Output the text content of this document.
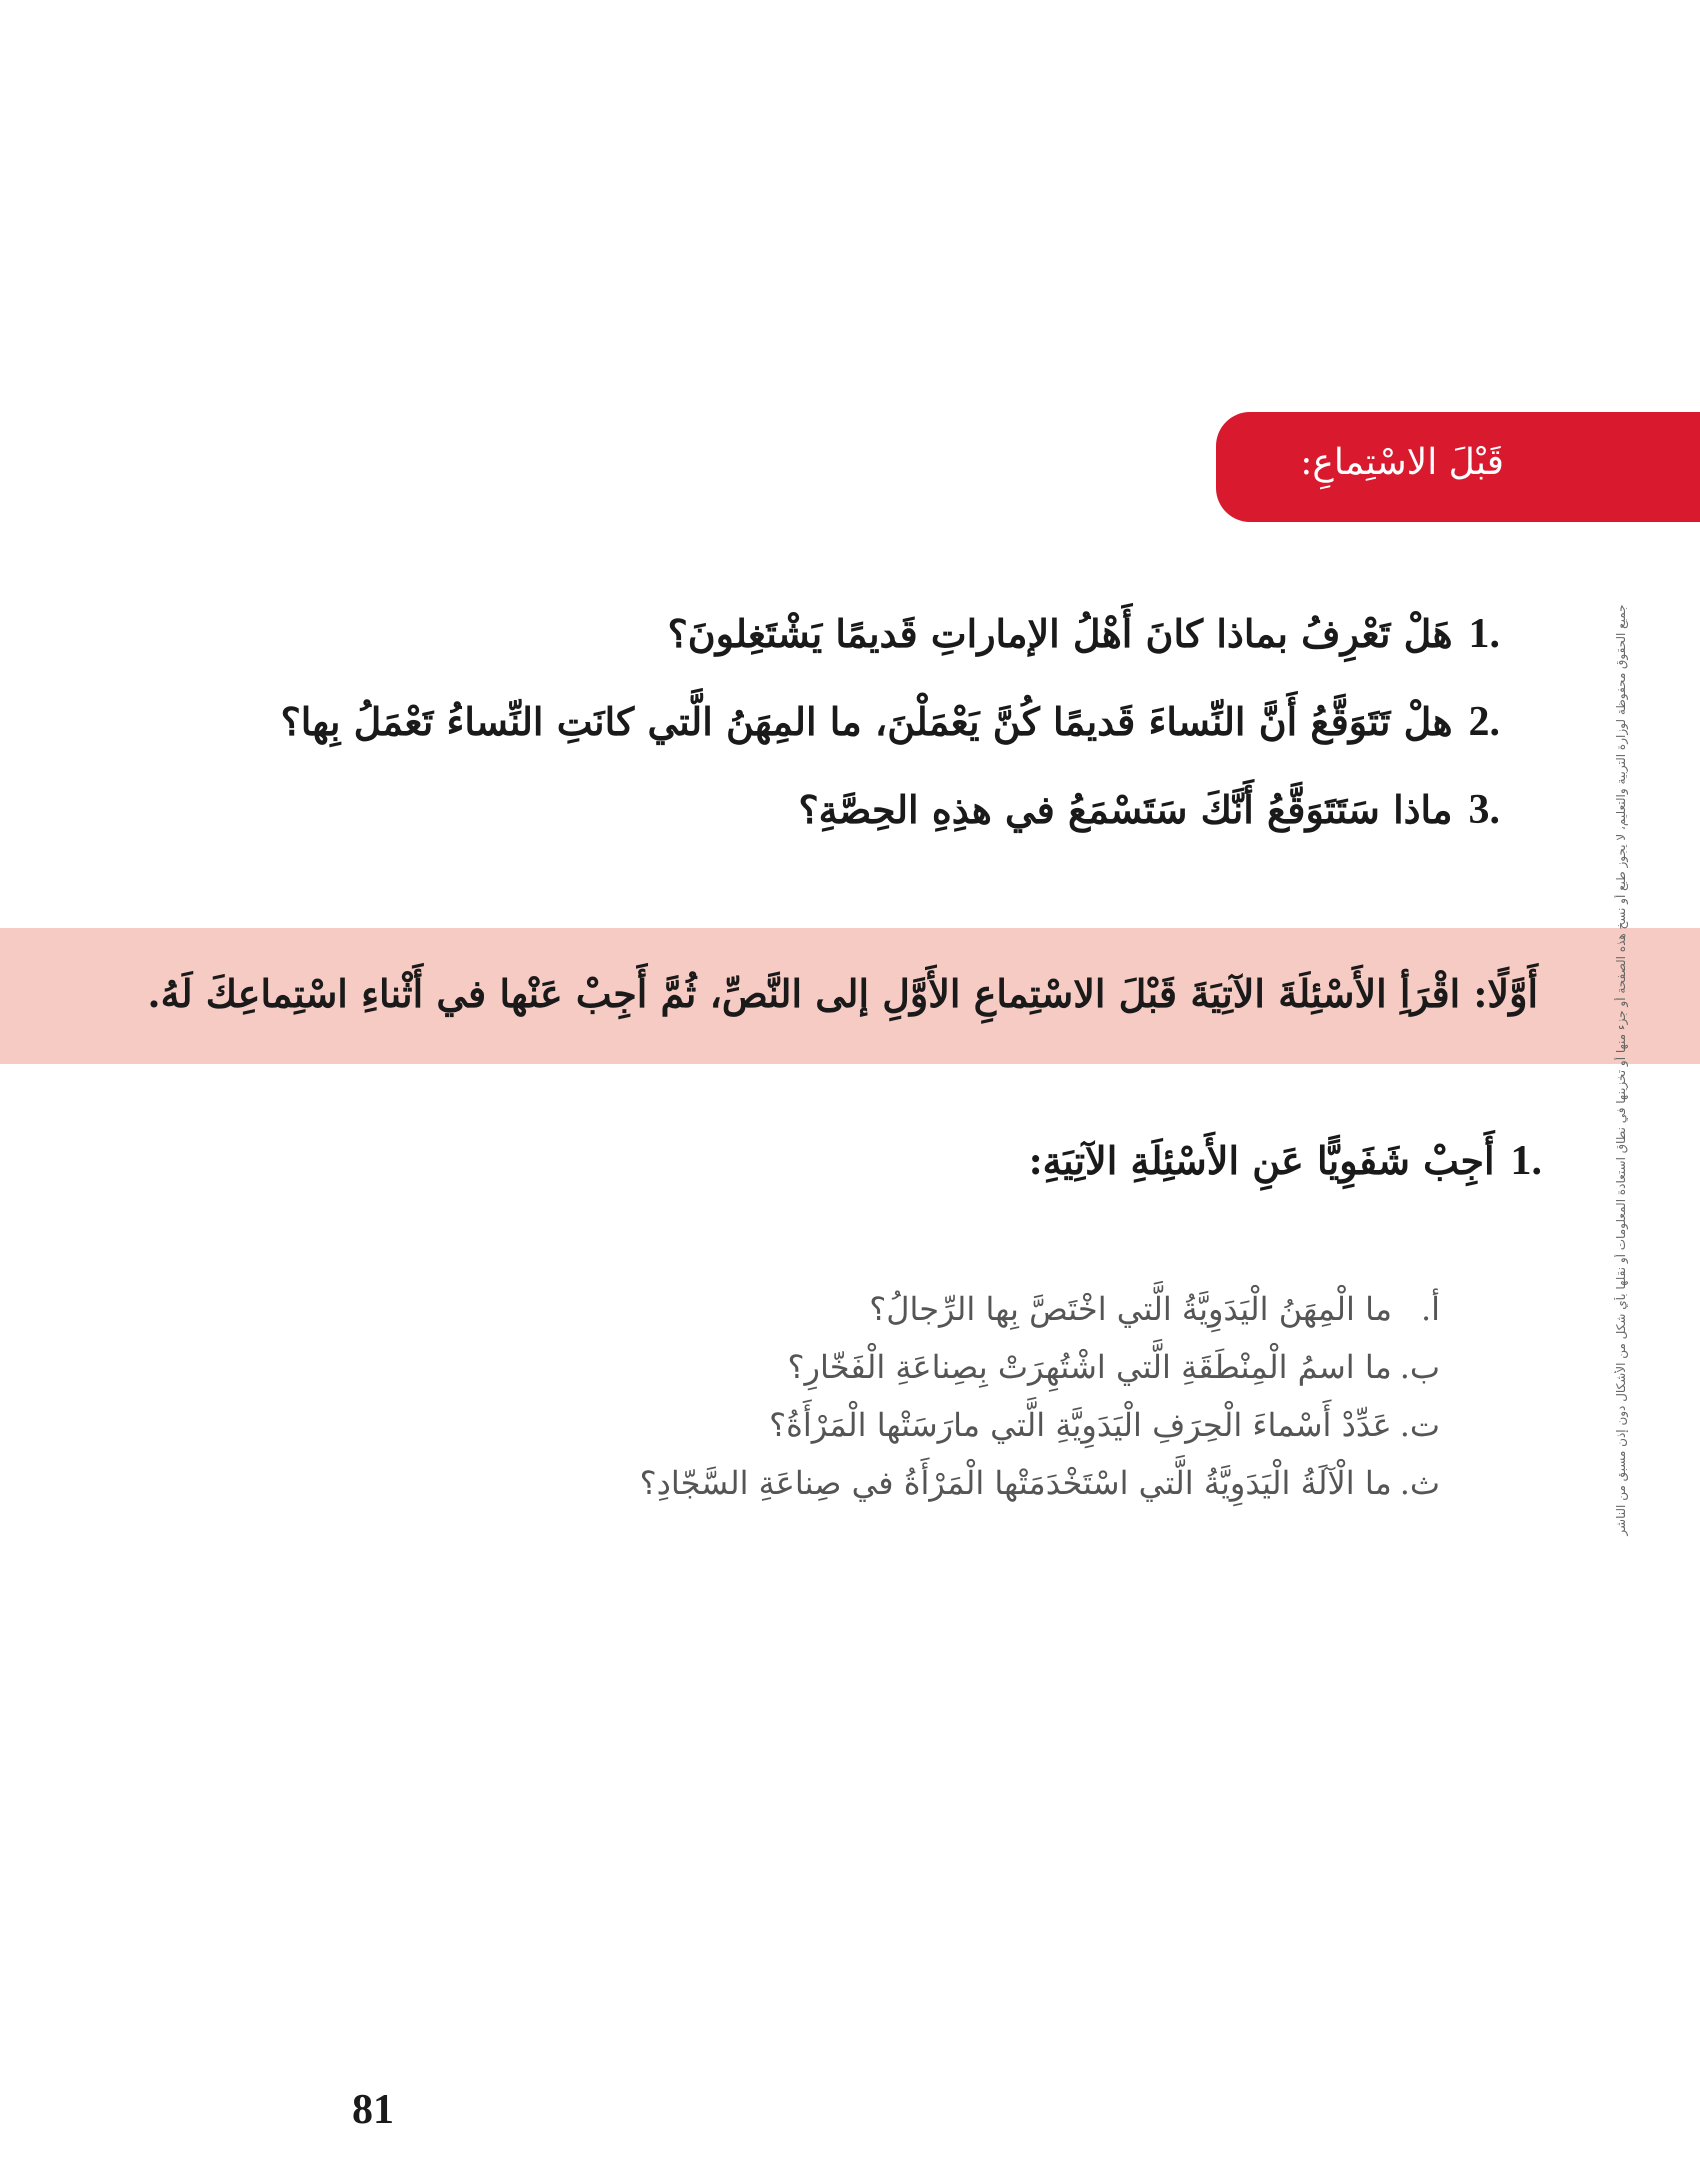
قَبْلَ الاسْتِماعِ:
1.
هَلْ تَعْرِفُ بماذا كانَ أَهْلُ الإماراتِ قَديمًا يَشْتَغِلونَ؟
2.
هلْ تَتَوَقَّعُ أَنَّ النِّساءَ قَديمًا كُنَّ يَعْمَلْنَ، ما المِهَنُ الَّتي كانَتِ النِّساءُ تَعْمَلُ بِها؟
3.
ماذا سَتَتَوَقَّعُ أَنَّكَ سَتَسْمَعُ في هذِهِ الحِصَّةِ؟
أَوَّلًا: اقْرَأِ الأَسْئِلَةَ الآتِيَةَ قَبْلَ الاسْتِماعِ الأَوَّلِ إلى النَّصِّ، ثُمَّ أَجِبْ عَنْها في أَثْناءِ اسْتِماعِكَ لَهُ.
1.
أَجِبْ شَفَوِيًّا عَنِ الأَسْئِلَةِ الآتِيَةِ:
أ.
ما الْمِهَنُ الْيَدَوِيَّةُ الَّتي اخْتَصَّ بِها الرِّجالُ؟
ب.
ما اسمُ الْمِنْطَقَةِ الَّتي اشْتُهِرَتْ بِصِناعَةِ الْفَخّارِ؟
ت.
عَدِّدْ أَسْماءَ الْحِرَفِ الْيَدَوِيَّةِ الَّتي مارَسَتْها الْمَرْأَةُ؟
ث.
ما الْآلَةُ الْيَدَوِيَّةُ الَّتي اسْتَخْدَمَتْها الْمَرْأَةُ في صِناعَةِ السَّجّادِ؟	جميع الحقوق محفوظة لوزارة التربية والتعليم، لا يجوز طبع أو نسخ هذه الصفحة أو جزء منها أو تخزينها في نطاق استعادة المعلومات أو نقلها بأي شكل من الأشكال دون إذن مسبق من الناشر
81
